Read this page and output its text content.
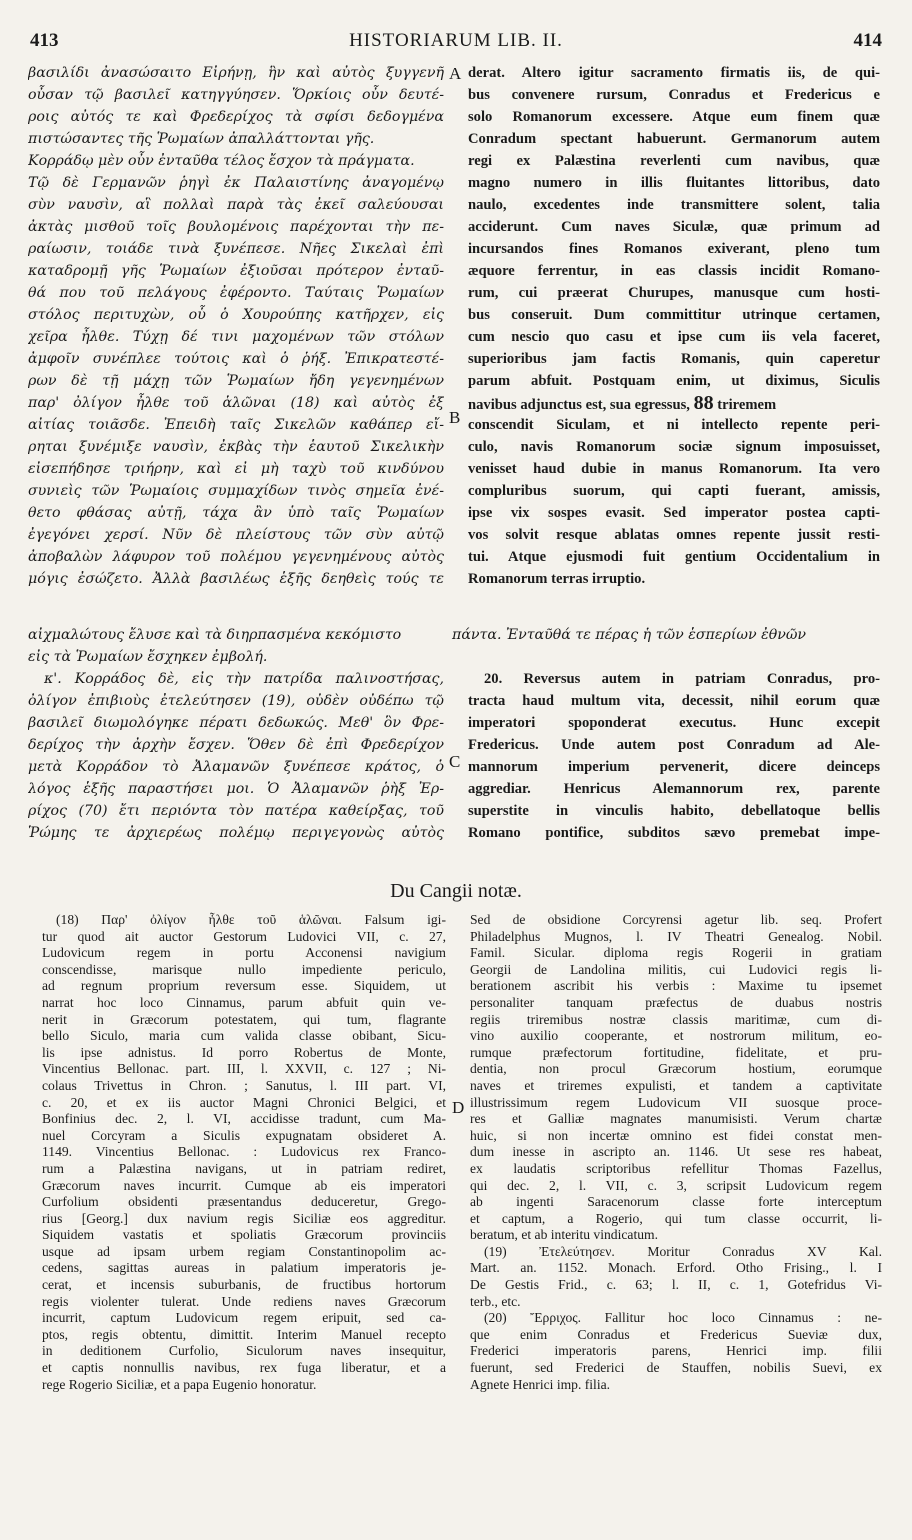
413	HISTORIARUM LIB. II.	414
βασιλίδι ἀνασώσαιτο Εἰρήνῃ, ἣν καὶ αὐτὸς ξυγγενῆ
οὖσαν τῷ βασιλεῖ κατηγγύησεν. Ὅρκίοις οὖν δευτέ-
ροις αὐτός τε καὶ Φρεδερίχος τὰ σφίσι δεδογμένα
πιστώσαντες τῆς Ῥωμαίων ἀπαλλάττονται γῆς.
Κορράδῳ μὲν οὖν ἐνταῦθα τέλος ἔσχον τὰ πράγματα.
Τῷ δὲ Γερμανῶν ῥηγὶ ἐκ Παλαιστίνης ἀναγομένῳ
σὺν ναυσὶν, αἳ πολλαὶ παρὰ τὰς ἐκεῖ σαλεύουσαι
ἀκτὰς μισθοῦ τοῖς βουλομένοις παρέχονται τὴν πε-
ραίωσιν, τοιάδε τινὰ ξυνέπεσε. Νῆες Σικελαὶ ἐπὶ
καταδρομῇ γῆς Ῥωμαίων ἐξιοῦσαι πρότερον ἐνταῦ-
θά που τοῦ πελάγους ἐφέροντο. Ταύταις Ῥωμαίων
στόλος περιτυχὼν, οὗ ὁ Χουρούπης κατῆρχεν, εἰς
χεῖρα ἦλθε. Τύχῃ δέ τινι μαχομένων τῶν στόλων
ἀμφοῖν συνέπλεε τούτοις καὶ ὁ ῥήξ. Ἐπικρατεστέ-
ρων δὲ τῇ μάχῃ τῶν Ῥωμαίων ἤδη γεγενημένων
παρ' ὀλίγον ἦλθε τοῦ ἁλῶναι (18) καὶ αὐτὸς ἐξ
αἰτίας τοιᾶσδε. Ἐπειδὴ ταῖς Σικελῶν καθάπερ εἴ-
ρηται ξυνέμιξε ναυσὶν, ἐκβὰς τὴν ἑαυτοῦ Σικελικὴν
εἰσεπήδησε τριήρην, καὶ εἰ μὴ ταχὺ τοῦ κινδύνου
συνιεὶς τῶν Ῥωμαίοις συμμαχίδων τινὸς σημεῖα ἐνέ-
θετο φθάσας αὐτῇ, τάχα ἂν ὑπὸ ταῖς Ῥωμαίων
ἐγεγόνει χερσί. Νῦν δὲ πλείστους τῶν σὺν αὐτῷ
ἀποβαλὼν λάφυρον τοῦ πολέμου γεγενημένους αὐτὸς
μόγις ἐσώζετο. Ἀλλὰ βασιλέως ἑξῆς δεηθεὶς τούς τε
derat. Altero igitur sacramento firmatis iis, de qui-
bus convenere rursum, Conradus et Fredericus e
solo Romanorum excessere. Atque eum finem quæ
Conradum spectant habuerunt. Germanorum autem
regi ex Palæstina reverlenti cum navibus, quæ
magno numero in illis fluitantes littoribus, dato
naulo, excedentes inde transmittere solent, talia
acciderunt. Cum naves Siculæ, quæ primum ad
incursandos fines Romanos exiverant, pleno tum
æquore ferrentur, in eas classis incidit Romano-
rum, cui præerat Churupes, manusque cum hosti-
bus conseruit. Dum committitur utrinque certamen,
cum nescio quo casu et ipse cum iis vela faceret,
superioribus jam factis Romanis, quin caperetur
parum abfuit. Postquam enim, ut diximus, Siculis
navibus adjunctus est, sua egressus, 88 triremem
conscendit Siculam, et ni intellecto repente peri-
culo, navis Romanorum sociæ signum imposuisset,
venisset haud dubie in manus Romanorum. Ita vero
compluribus suorum, qui capti fuerant, amissis,
ipse vix sospes evasit. Sed imperator postea capti-
vos solvit resque ablatas omnes repente jussit resti-
tui. Atque ejusmodi fuit gentium Occidentalium in
Romanorum terras irruptio.
A
B
C
D
αἰχμαλώτους ἔλυσε καὶ τὰ διηρπασμένα κεκόμιστο	πάντα. Ἐνταῦθά τε πέρας ἡ τῶν ἑσπερίων ἐθνῶν
εἰς τὰ Ῥωμαίων ἔσχηκεν ἐμβολή.
κ'. Κορράδος δὲ, εἰς τὴν πατρίδα παλινοστήσας,
ὀλίγον ἐπιβιοὺς ἐτελεύτησεν (19), οὐδὲν οὐδέπω τῷ
βασιλεῖ διωμολόγηκε πέρατι δεδωκώς. Μεθ' ὃν Φρε-
δερίχος τὴν ἀρχὴν ἔσχεν. Ὅθεν δὲ ἐπὶ Φρεδερίχον
μετὰ Κορράδον τὸ Ἀλαμανῶν ξυνέπεσε κράτος, ὁ
λόγος ἑξῆς παραστήσει μοι. Ὁ Ἀλαμανῶν ῥὴξ Ἐρ-
ρίχος (70) ἔτι περιόντα τὸν πατέρα καθείρξας, τοῦ
Ῥώμης τε ἀρχιερέως πολέμῳ περιγεγονὼς αὐτὸς
20. Reversus autem in patriam Conradus, pro-
tracta haud multum vita, decessit, nihil eorum quæ
imperatori spoponderat executus. Hunc excepit
Fredericus. Unde autem post Conradum ad Ale-
mannorum imperium pervenerit, dicere deinceps
aggrediar. Henricus Alemannorum rex, parente
superstite in vinculis habito, debellatoque bellis
Romano pontifice, subditos sævo premebat impe-
Du Cangii notæ.
(18) Παρ' ὀλίγον ἦλθε τοῦ ἁλῶναι. Falsum igi-
tur quod ait auctor Gestorum Ludovici VII, c. 27,
Ludovicum regem in portu Acconensi navigium
conscendisse, marisque nullo impediente periculo,
ad regnum proprium reversum esse. Siquidem, ut
narrat hoc loco Cinnamus, parum abfuit quin ve-
nerit in Græcorum potestatem, qui tum, flagrante
bello Siculo, maria cum valida classe obibant, Sicu-
lis ipse adnistus. Id porro Robertus de Monte,
Vincentius Bellonac. part. III, l. XXVII, c. 127 ; Ni-
colaus Trivettus in Chron. ; Sanutus, l. III part. VI,
c. 20, et ex iis auctor Magni Chronici Belgici, et
Bonfinius dec. 2, l. VI, accidisse tradunt, cum Ma-
nuel Corcyram a Siculis expugnatam obsideret A.
1149. Vincentius Bellonac. : Ludovicus rex Franco-
rum a Palæstina navigans, ut in patriam rediret,
Græcorum naves incurrit. Cumque ab eis imperatori
Curfolium obsidenti præsentandus deduceretur, Grego-
rius [Georg.] dux navium regis Siciliæ eos aggreditur.
Siquidem vastatis et spoliatis Græcorum provinciis
usque ad ipsam urbem regiam Constantinopolim ac-
cedens, sagittas aureas in palatium imperatoris je-
cerat, et incensis suburbanis, de fructibus hortorum
regis violenter tulerat. Unde rediens naves Græcorum
incurrit, captum Ludovicum regem eripuit, sed ca-
ptos, regis obtentu, dimittit. Interim Manuel recepto
in deditionem Curfolio, Siculorum naves insequitur,
et captis nonnullis navibus, rex fuga liberatur, et a
rege Rogerio Siciliæ, et a papa Eugenio honoratur.
Sed de obsidione Corcyrensi agetur lib. seq. Profert
Philadelphus Mugnos, l. IV Theatri Genealog. Nobil.
Famil. Sicular. diploma regis Rogerii in gratiam
Georgii de Landolina militis, cui Ludovici regis li-
berationem ascribit his verbis : Maxime tu ipsemet
personaliter tanquam præfectus de duabus nostris
regiis triremibus nostræ classis maritimæ, cum di-
vino auxilio cooperante, et nostrorum militum, eo-
rumque præfectorum fortitudine, fidelitate, et pru-
dentia, non procul Græcorum hostium, eorumque
naves et triremes expulisti, et tandem a captivitate
illustrissimum regem Ludovicum VII suosque proce-
res et Galliæ magnates manumisisti. Verum chartæ
huic, si non incertæ omnino est fidei constat men-
dum inesse in ascripto an. 1146. Ut sese res habeat,
ex laudatis scriptoribus refellitur Thomas Fazellus,
qui dec. 2, l. VII, c. 3, scripsit Ludovicum regem
ab ingenti Saracenorum classe forte interceptum
et captum, a Rogerio, qui tum classe occurrit, li-
beratum, et ab interitu vindicatum.
(19) Ἐτελεύτησεν. Moritur Conradus XV Kal.
Mart. an. 1152. Monach. Erford. Otho Frising., l. I
De Gestis Frid., c. 63; l. II, c. 1, Gotefridus Vi-
terb., etc.
(20) Ἔρριχος. Fallitur hoc loco Cinnamus : ne-
que enim Conradus et Fredericus Sueviæ dux,
Frederici imperatoris parens, Henrici imp. filii
fuerunt, sed Frederici de Stauffen, nobilis Suevi, ex
Agnete Henrici imp. filia.
